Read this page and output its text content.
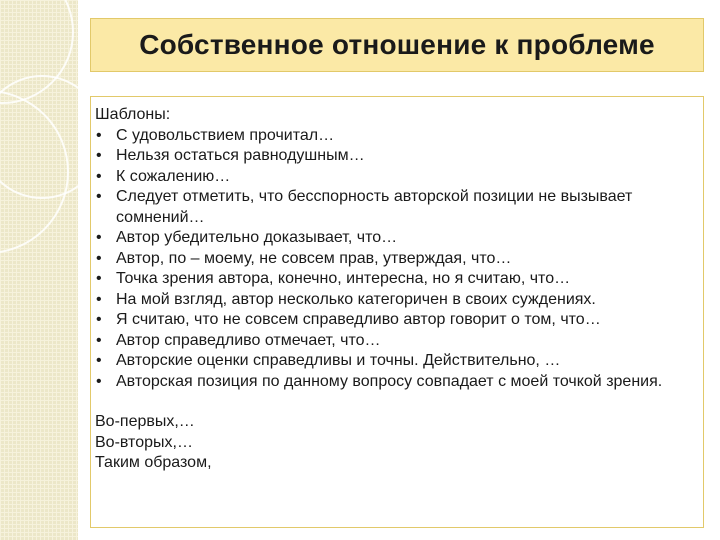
Собственное отношение к проблеме
Шаблоны:
• С удовольствием прочитал…
• Нельзя остаться равнодушным…
• К сожалению…
• Следует отметить, что бесспорность авторской позиции не вызывает сомнений…
• Автор убедительно доказывает, что…
• Автор, по – моему, не совсем прав, утверждая, что…
• Точка зрения автора, конечно, интересна, но я считаю, что…
• На мой взгляд, автор несколько категоричен в своих суждениях.
• Я считаю, что не совсем справедливо автор говорит о том, что…
• Автор справедливо отмечает, что…
• Авторские оценки справедливы и точны. Действительно, …
• Авторская позиция по данному вопросу совпадает с моей точкой зрения.
Во-первых,…
Во-вторых,…
Таким образом,
